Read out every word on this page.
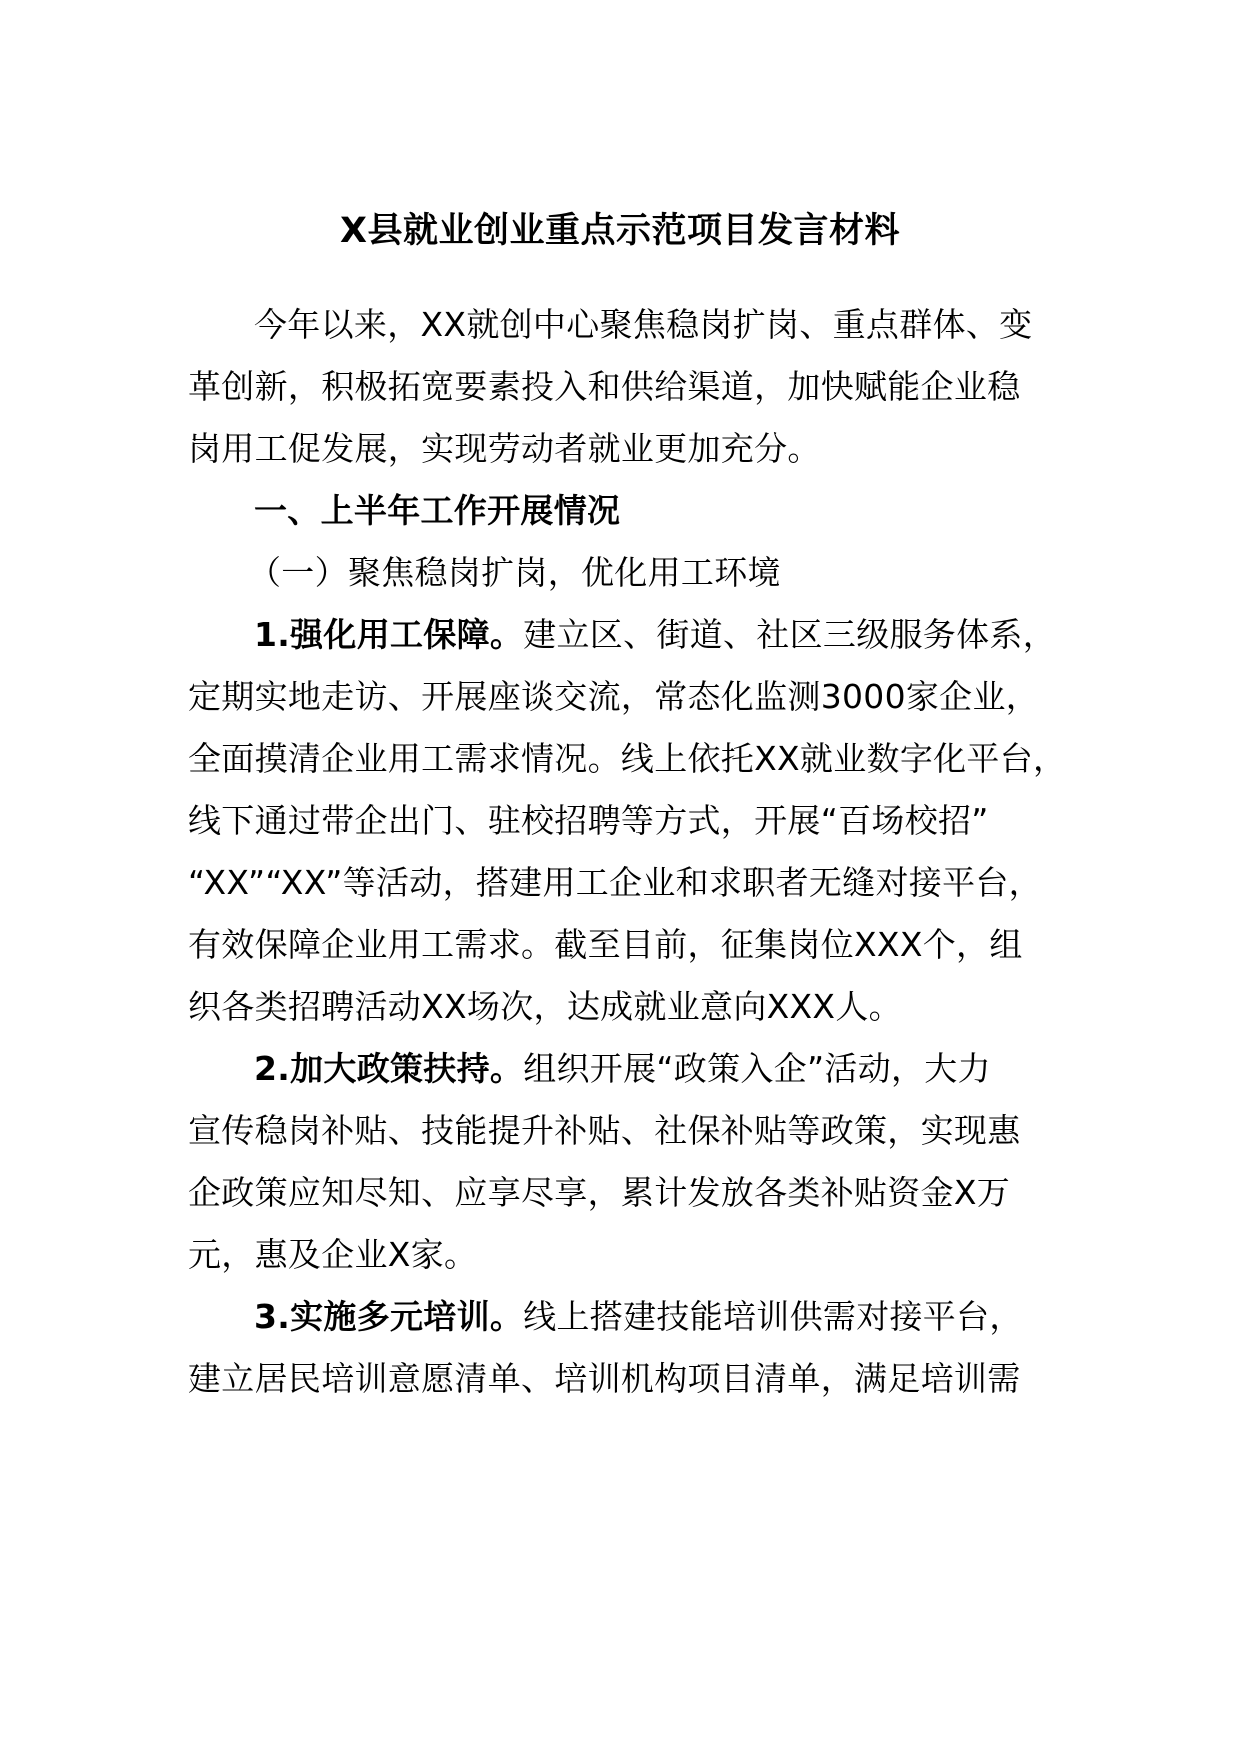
X县就业创业重点示范项目发言材料
今年以来，XX就创中心聚焦稳岗扩岗、重点群体、变
革创新，积极拓宽要素投入和供给渠道，加快赋能企业稳
岗用工促发展，实现劳动者就业更加充分。
一、上半年工作开展情况
（一）聚焦稳岗扩岗，优化用工环境
1.强化用工保障。建立区、街道、社区三级服务体系，
定期实地走访、开展座谈交流，常态化监测3000家企业，
全面摸清企业用工需求情况。线上依托XX就业数字化平台，
线下通过带企出门、驻校招聘等方式，开展“百场校招”
“XX”“XX”等活动，搭建用工企业和求职者无缝对接平台，
有效保障企业用工需求。截至目前，征集岗位XXX个，组
织各类招聘活动XX场次，达成就业意向XXX人。
2.加大政策扶持。组织开展“政策入企”活动，大力
宣传稳岗补贴、技能提升补贴、社保补贴等政策，实现惠
企政策应知尽知、应享尽享，累计发放各类补贴资金X万
元，惠及企业X家。
3.实施多元培训。线上搭建技能培训供需对接平台，
建立居民培训意愿清单、培训机构项目清单，满足培训需
